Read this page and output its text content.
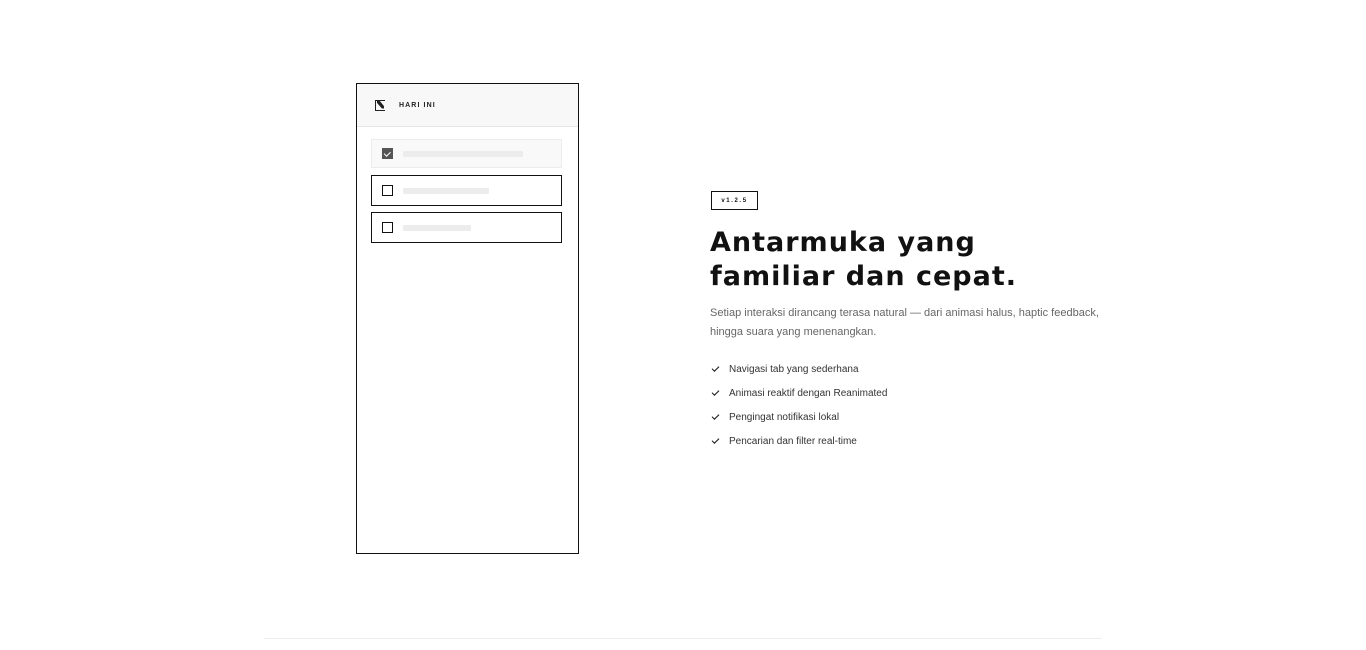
HARI INI
v1.2.5
Antarmuka yang
familiar dan cepat.

Setiap interaksi dirancang terasa natural — dari animasi halus, haptic feedback, hingga suara yang menenangkan.

Navigasi tab yang sederhana
Animasi reaktif dengan Reanimated
Pengingat notifikasi lokal
Pencarian dan filter real-time
